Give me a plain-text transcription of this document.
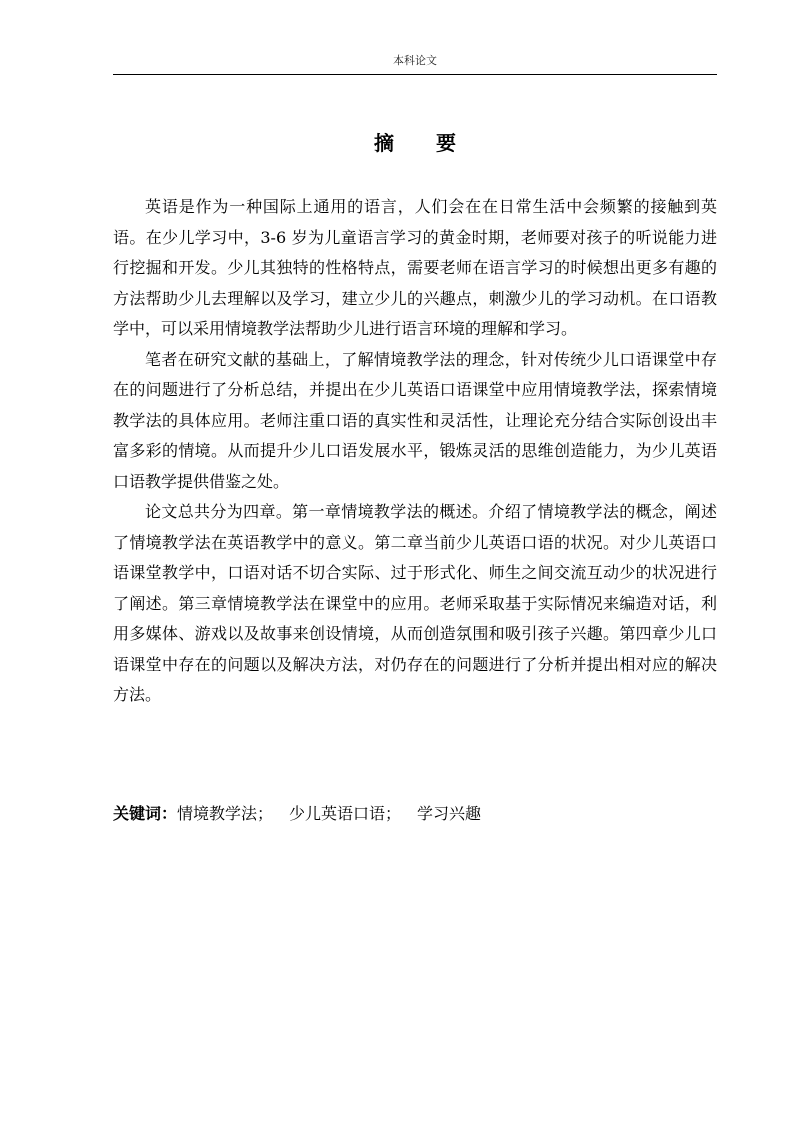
本科论文
摘 要

英语是作为一种国际上通用的语言，人们会在在日常生活中会频繁的接触到英语。在少儿学习中，3-6 岁为儿童语言学习的黄金时期，老师要对孩子的听说能力进行挖掘和开发。少儿其独特的性格特点，需要老师在语言学习的时候想出更多有趣的方法帮助少儿去理解以及学习，建立少儿的兴趣点，刺激少儿的学习动机。在口语教学中，可以采用情境教学法帮助少儿进行语言环境的理解和学习。

笔者在研究文献的基础上，了解情境教学法的理念，针对传统少儿口语课堂中存在的问题进行了分析总结，并提出在少儿英语口语课堂中应用情境教学法，探索情境教学法的具体应用。老师注重口语的真实性和灵活性，让理论充分结合实际创设出丰富多彩的情境。从而提升少儿口语发展水平，锻炼灵活的思维创造能力，为少儿英语口语教学提供借鉴之处。

论文总共分为四章。第一章情境教学法的概述。介绍了情境教学法的概念，阐述了情境教学法在英语教学中的意义。第二章当前少儿英语口语的状况。对少儿英语口语课堂教学中，口语对话不切合实际、过于形式化、师生之间交流互动少的状况进行了阐述。第三章情境教学法在课堂中的应用。老师采取基于实际情况来编造对话，利用多媒体、游戏以及故事来创设情境，从而创造氛围和吸引孩子兴趣。第四章少儿口语课堂中存在的问题以及解决方法，对仍存在的问题进行了分析并提出相对应的解决方法。

关键词：情境教学法； 少儿英语口语； 学习兴趣
